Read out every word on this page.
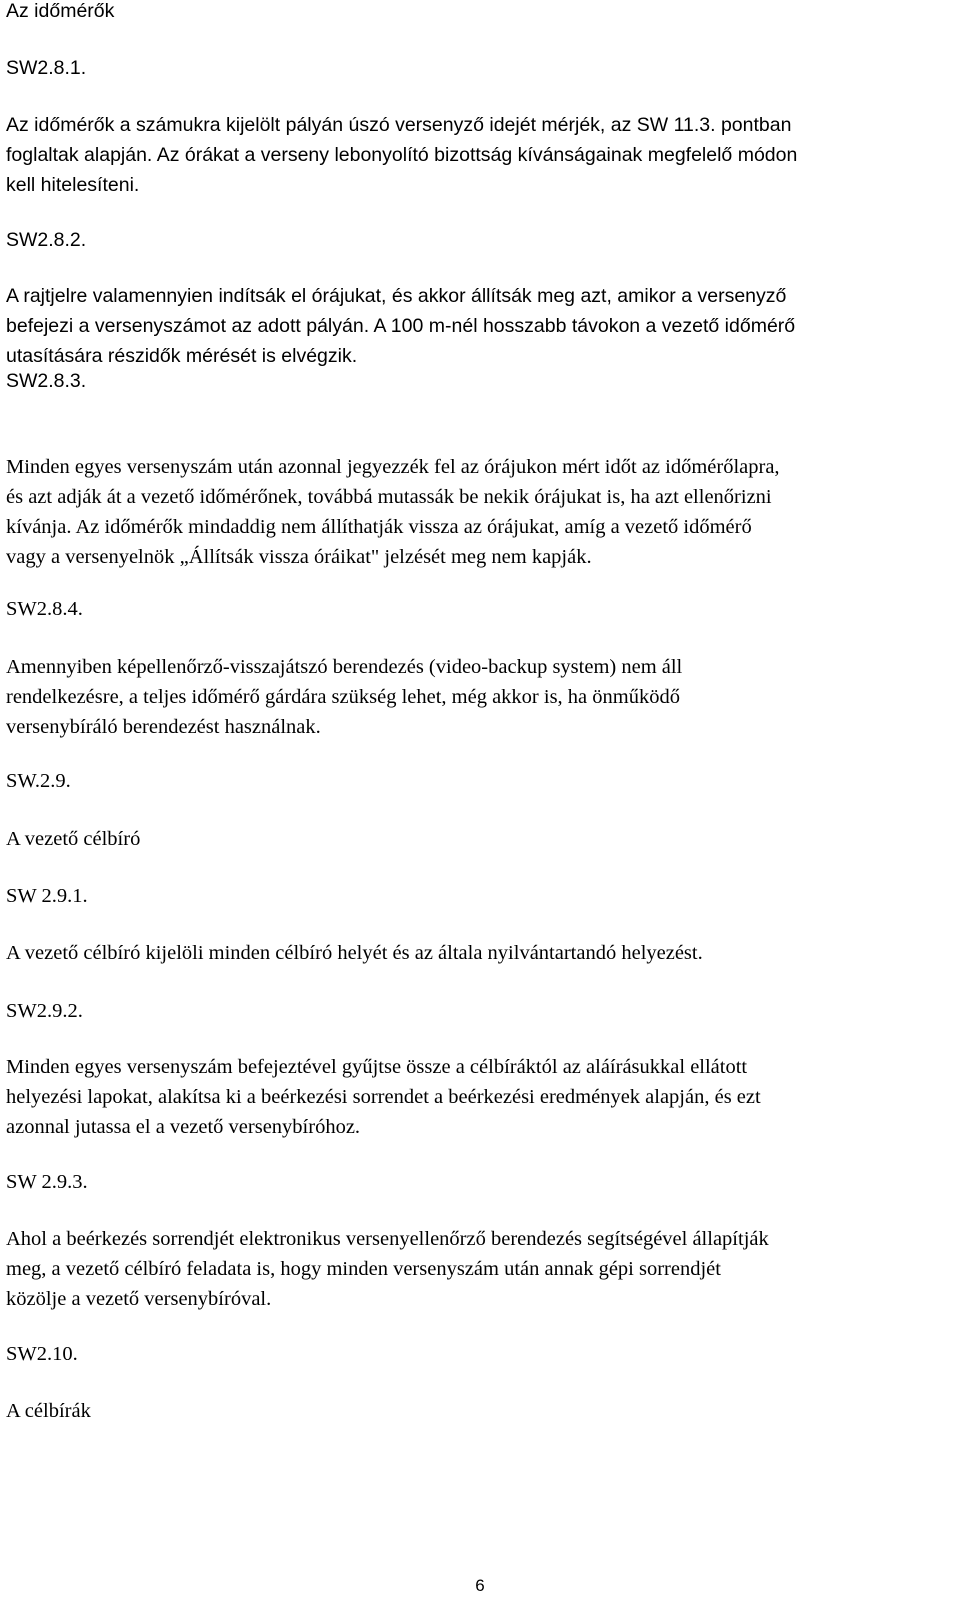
Az időmérők

SW2.8.1.

Az időmérők a számukra kijelölt pályán úszó versenyző idejét mérjék, az SW 11.3. pontban
foglaltak alapján. Az órákat a verseny lebonyolító bizottság kívánságainak megfelelő módon
kell hitelesíteni.

SW2.8.2.

A rajtjelre valamennyien indítsák el órájukat, és akkor állítsák meg azt, amikor a versenyző
befejezi a versenyszámot az adott pályán. A 100 m-nél hosszabb távokon a vezető időmérő
utasítására részidők mérését is elvégzik.

SW2.8.3.

Minden egyes versenyszám után azonnal jegyezzék fel az órájukon mért időt az időmérőlapra,
és azt adják át a vezető időmérőnek, továbbá mutassák be nekik órájukat is, ha azt ellenőrizni
kívánja. Az időmérők mindaddig nem állíthatják vissza az órájukat, amíg a vezető időmérő
vagy a versenyelnök „Állítsák vissza óráikat" jelzését meg nem kapják.

SW2.8.4.

Amennyiben képellenőrző-visszajátszó berendezés (video-backup system) nem áll
rendelkezésre, a teljes időmérő gárdára szükség lehet, még akkor is, ha önműködő
versenybíráló berendezést használnak.

SW.2.9.

A vezető célbíró

SW 2.9.1.

A vezető célbíró kijelöli minden célbíró helyét és az általa nyilvántartandó helyezést.

SW2.9.2.

Minden egyes versenyszám befejeztével gyűjtse össze a célbíráktól az aláírásukkal ellátott
helyezési lapokat, alakítsa ki a beérkezési sorrendet a beérkezési eredmények alapján, és ezt
azonnal jutassa el a vezető versenybíróhoz.

SW 2.9.3.

Ahol a beérkezés sorrendjét elektronikus versenyellenőrző berendezés segítségével állapítják
meg, a vezető célbíró feladata is, hogy minden versenyszám után annak gépi sorrendjét
közölje a vezető versenybíróval.

SW2.10.

A célbírák

6
